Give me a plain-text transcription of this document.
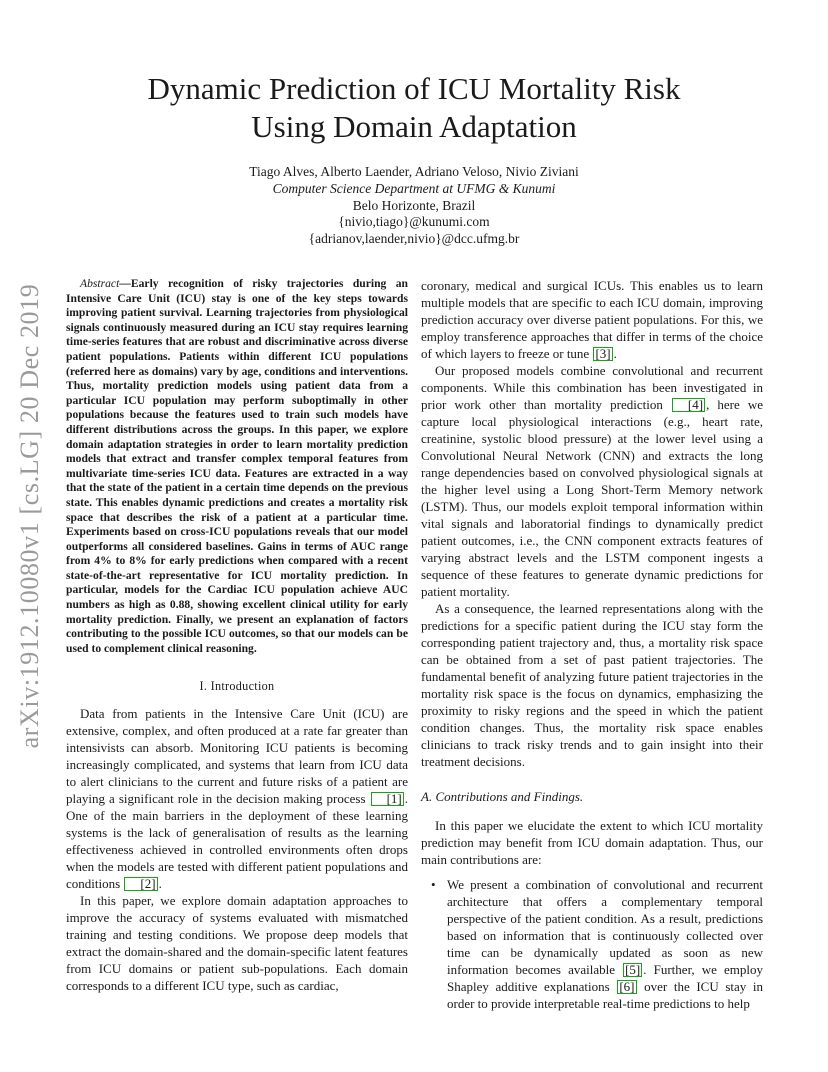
arXiv:1912.10080v1 [cs.LG] 20 Dec 2019
Dynamic Prediction of ICU Mortality Risk
Using Domain Adaptation
Tiago Alves, Alberto Laender, Adriano Veloso, Nivio Ziviani
Computer Science Department at UFMG & Kunumi
Belo Horizonte, Brazil
{nivio,tiago}@kunumi.com
{adrianov,laender,nivio}@dcc.ufmg.br

Abstract—Early recognition of risky trajectories during an Intensive Care Unit (ICU) stay is one of the key steps towards improving patient survival. Learning trajectories from physiological signals continuously measured during an ICU stay requires learning time-series features that are robust and discriminative across diverse patient populations. Patients within different ICU populations (referred here as domains) vary by age, conditions and interventions. Thus, mortality prediction models using patient data from a particular ICU population may perform suboptimally in other populations because the features used to train such models have different distributions across the groups. In this paper, we explore domain adaptation strategies in order to learn mortality prediction models that extract and transfer complex temporal features from multivariate time-series ICU data. Features are extracted in a way that the state of the patient in a certain time depends on the previous state. This enables dynamic predictions and creates a mortality risk space that describes the risk of a patient at a particular time. Experiments based on cross-ICU populations reveals that our model outperforms all considered baselines. Gains in terms of AUC range from 4% to 8% for early predictions when compared with a recent state-of-the-art representative for ICU mortality prediction. In particular, models for the Cardiac ICU population achieve AUC numbers as high as 0.88, showing excellent clinical utility for early mortality prediction. Finally, we present an explanation of factors contributing to the possible ICU outcomes, so that our models can be used to complement clinical reasoning.

I. Introduction

Data from patients in the Intensive Care Unit (ICU) are extensive, complex, and often produced at a rate far greater than intensivists can absorb. Monitoring ICU patients is becoming increasingly complicated, and systems that learn from ICU data to alert clinicians to the current and future risks of a patient are playing a significant role in the decision making process [1] . One of the main barriers in the deployment of these learning systems is the lack of generalisation of results as the learning effectiveness achieved in controlled environments often drops when the models are tested with different patient populations and conditions [2] .

In this paper, we explore domain adaptation approaches to improve the accuracy of systems evaluated with mismatched training and testing conditions. We propose deep models that extract the domain-shared and the domain-specific latent features from ICU domains or patient sub-populations. Each domain corresponds to a different ICU type, such as cardiac,

coronary, medical and surgical ICUs. This enables us to learn multiple models that are specific to each ICU domain, improving prediction accuracy over diverse patient populations. For this, we employ transference approaches that differ in terms of the choice of which layers to freeze or tune [3] .

Our proposed models combine convolutional and recurrent components. While this combination has been investigated in prior work other than mortality prediction [4] , here we capture local physiological interactions (e.g., heart rate, creatinine, systolic blood pressure) at the lower level using a Convolutional Neural Network (CNN) and extracts the long range dependencies based on convolved physiological signals at the higher level using a Long Short-Term Memory network (LSTM). Thus, our models exploit temporal information within vital signals and laboratorial findings to dynamically predict patient outcomes, i.e., the CNN component extracts features of varying abstract levels and the LSTM component ingests a sequence of these features to generate dynamic predictions for patient mortality.

As a consequence, the learned representations along with the predictions for a specific patient during the ICU stay form the corresponding patient trajectory and, thus, a mortality risk space can be obtained from a set of past patient trajectories. The fundamental benefit of analyzing future patient trajectories in the mortality risk space is the focus on dynamics, emphasizing the proximity to risky regions and the speed in which the patient condition changes. Thus, the mortality risk space enables clinicians to track risky trends and to gain insight into their treatment decisions.

A. Contributions and Findings.

In this paper we elucidate the extent to which ICU mortality prediction may benefit from ICU domain adaptation. Thus, our main contributions are:

• We present a combination of convolutional and recurrent architecture that offers a complementary temporal perspective of the patient condition. As a result, predictions based on information that is continuously collected over time can be dynamically updated as soon as new information becomes available [5] . Further, we employ Shapley additive explanations [6] over the ICU stay in order to provide interpretable real-time predictions to help
